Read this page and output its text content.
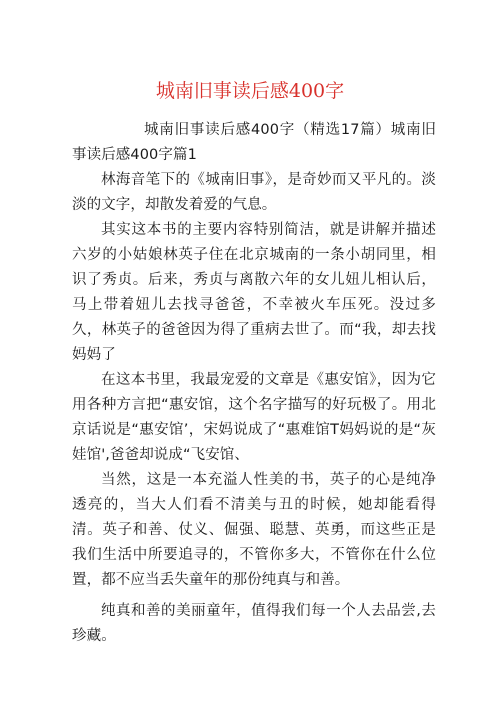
城南旧事读后感400字

城南旧事读后感400字（精选17篇）城南旧事读后感400字篇1

林海音笔下的《城南旧事》，是奇妙而又平凡的。淡淡的文字，却散发着爱的气息。

其实这本书的主要内容特别简洁，就是讲解并描述六岁的小姑娘林英子住在北京城南的一条小胡同里，相识了秀贞。后来，秀贞与离散六年的女儿妞儿相认后，马上带着妞儿去找寻爸爸，不幸被火车压死。没过多久，林英子的爸爸因为得了重病去世了。而“我，却去找妈妈了

在这本书里，我最宠爱的文章是《惠安馆》，因为它用各种方言把“惠安馆，这个名字描写的好玩极了。用北京话说是“惠安馆’，宋妈说成了“惠难馆T妈妈说的是“灰娃馆',爸爸却说成“飞安馆、

当然，这是一本充溢人性美的书，英子的心是纯净透亮的，当大人们看不清美与丑的时候，她却能看得清。英子和善、仗义、倔强、聪慧、英勇，而这些正是我们生活中所要追寻的，不管你多大，不管你在什么位置，都不应当丢失童年的那份纯真与和善。

纯真和善的美丽童年，值得我们每一个人去品尝,去珍藏。
